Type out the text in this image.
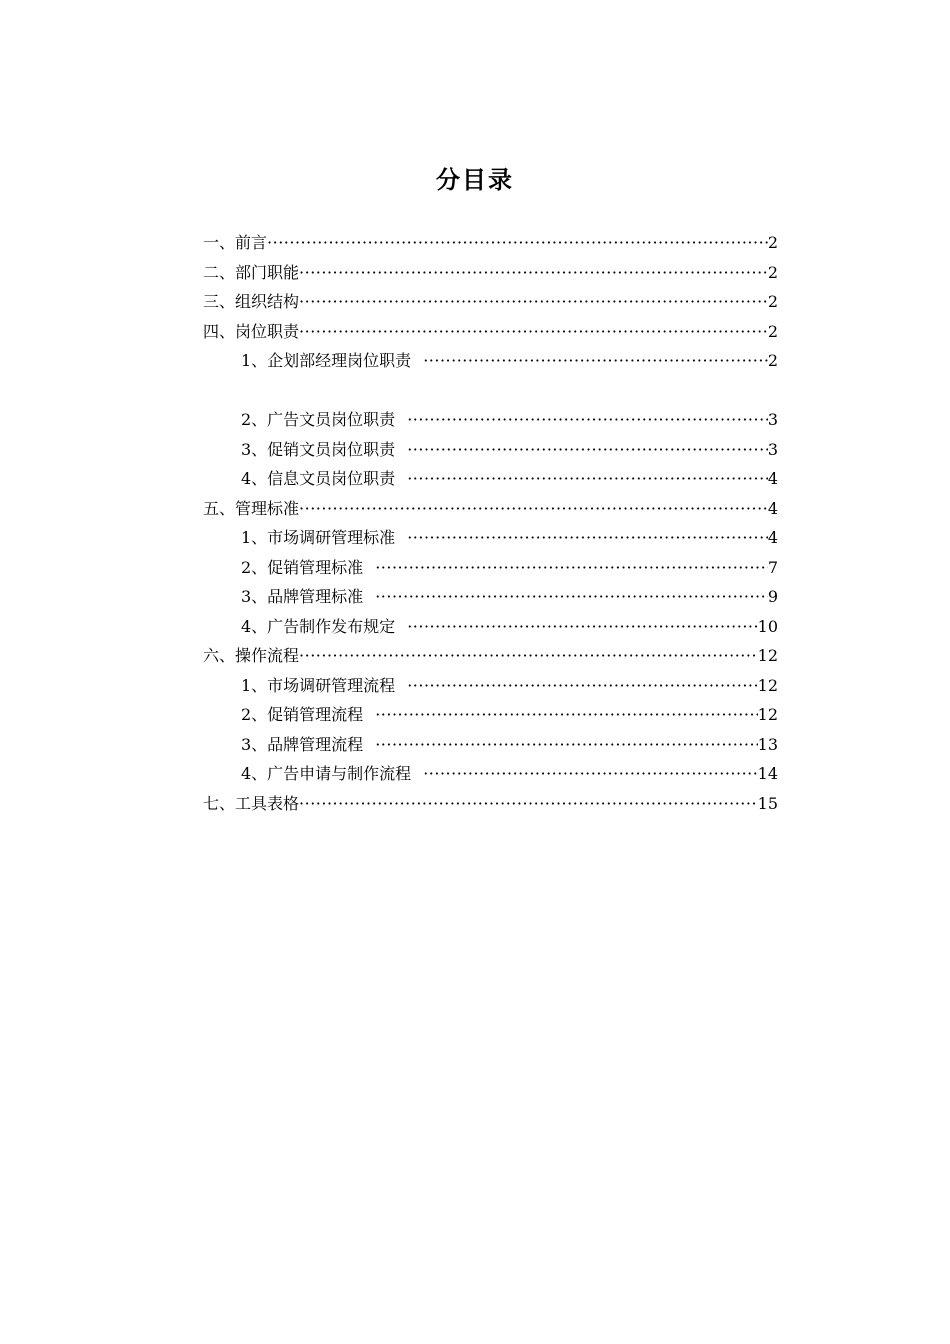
分目录
一、前言 ·····	2
二、部门职能 ·····	2
三、组织结构 ·····	2
四、岗位职责 ·····	2
1、企划部经理岗位职责 ·····	2
2、广告文员岗位职责 ·····	3
3、促销文员岗位职责 ·····	3
4、信息文员岗位职责 ·····	4
五、管理标准 ·····	4
1、市场调研管理标准 ·····	4
2、促销管理标准 ·····	7
3、品牌管理标准 ·····	9
4、广告制作发布规定 ·····	10
六、操作流程 ·····	12
1、市场调研管理流程 ·····	12
2、促销管理流程 ·····	12
3、品牌管理流程 ·····	13
4、广告申请与制作流程 ·····	14
七、工具表格 ·····	15
